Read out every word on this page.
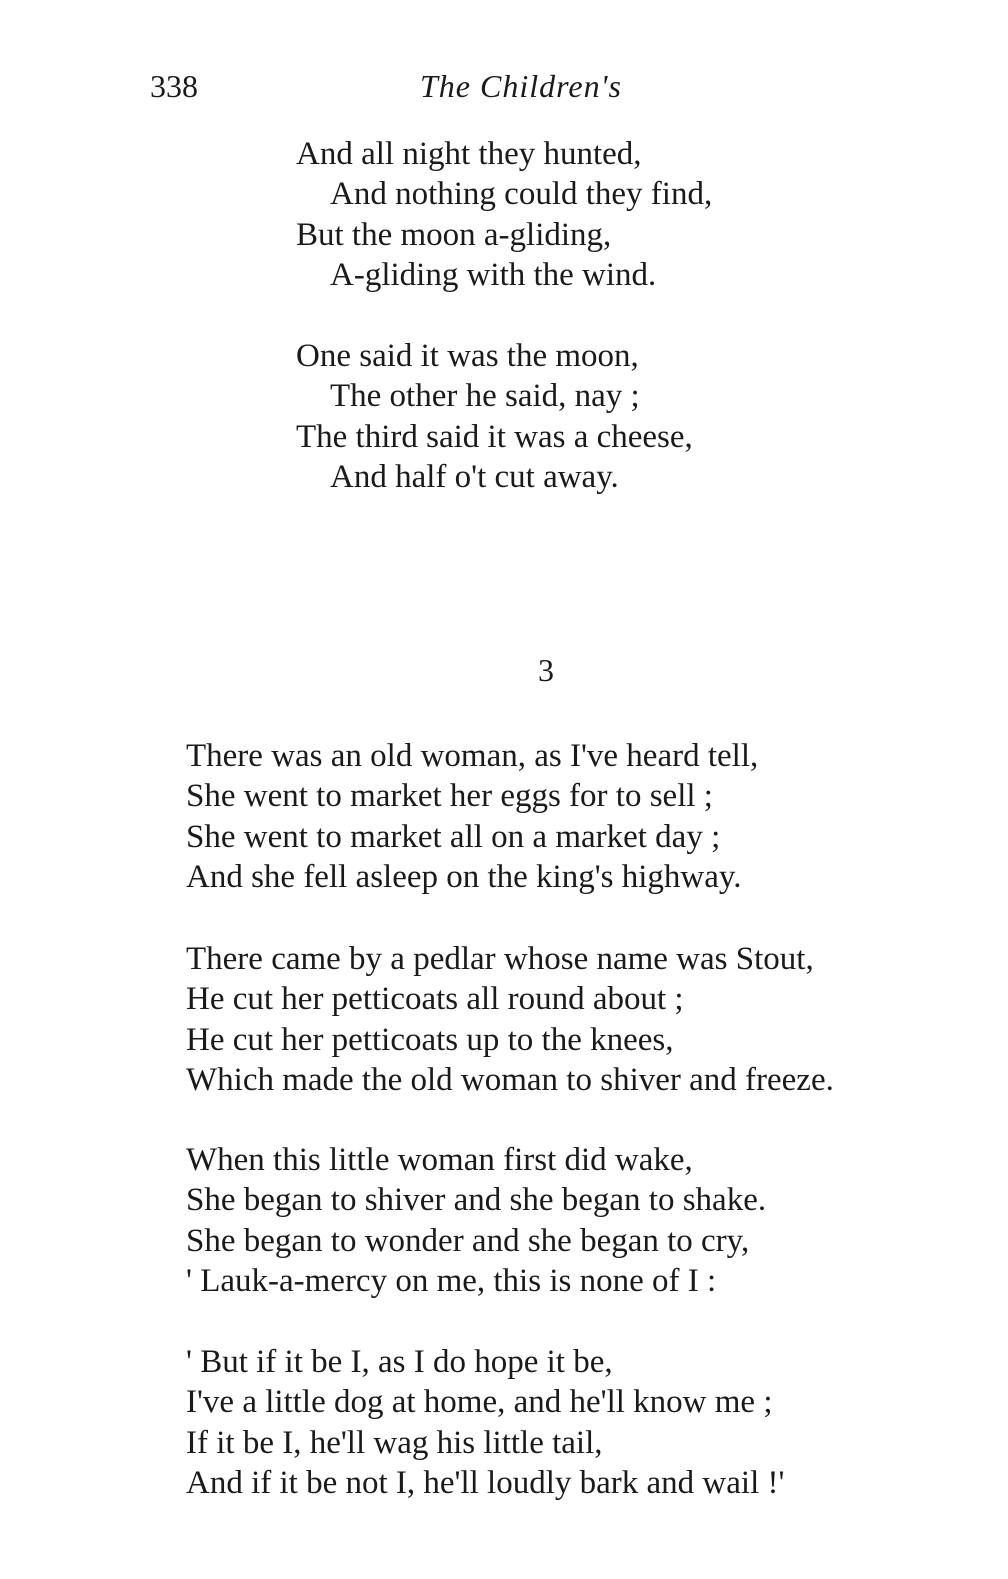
338	The Children's
And all night they hunted,
And nothing could they find,
But the moon a-gliding,
A-gliding with the wind.
One said it was the moon,
The other he said, nay ;
The third said it was a cheese,
And half o't cut away.
3
There was an old woman, as I've heard tell,
She went to market her eggs for to sell ;
She went to market all on a market day ;
And she fell asleep on the king's highway.
There came by a pedlar whose name was Stout,
He cut her petticoats all round about ;
He cut her petticoats up to the knees,
Which made the old woman to shiver and freeze.
When this little woman first did wake,
She began to shiver and she began to shake.
She began to wonder and she began to cry,
' Lauk-a-mercy on me, this is none of I :
' But if it be I, as I do hope it be,
I've a little dog at home, and he'll know me ;
If it be I, he'll wag his little tail,
And if it be not I, he'll loudly bark and wail !'
